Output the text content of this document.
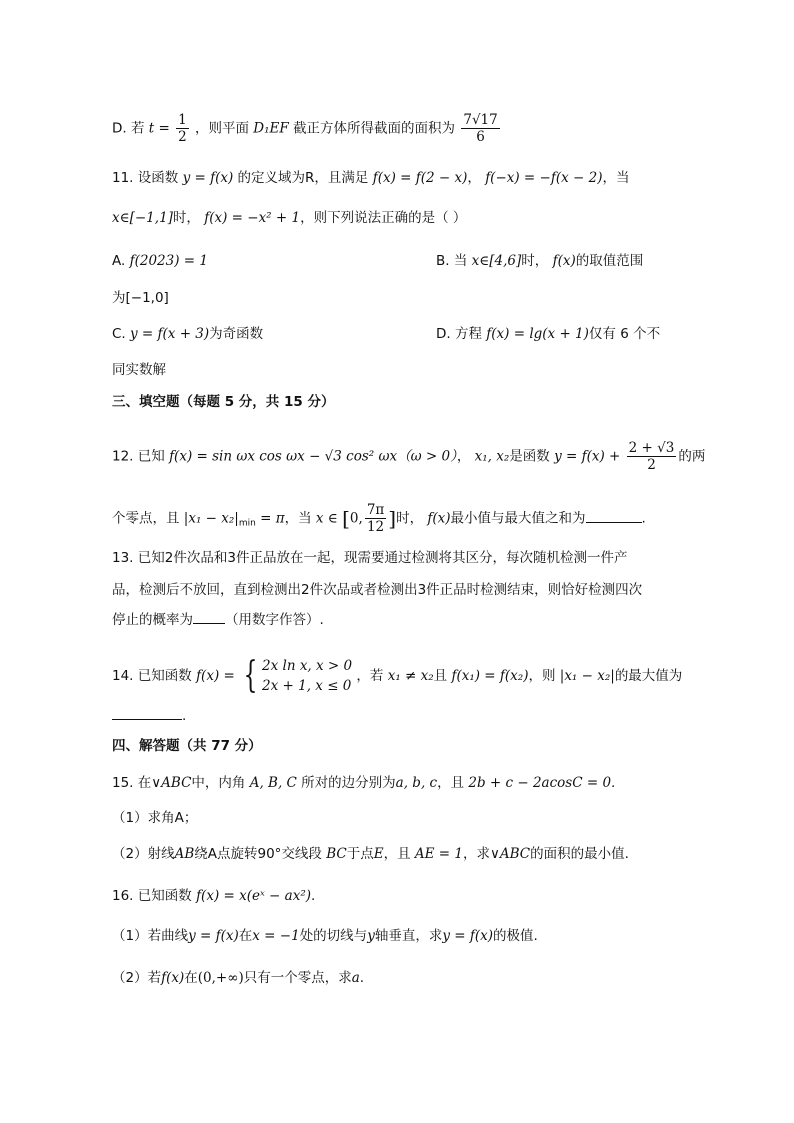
D. 若 $t = \frac{1}{2}$ ，则平面 D₁EF 截正方体所得截面的面积为 $\frac{7√17}{6}$
11. 设函数 y = f(x) 的定义域为R，且满足 f(x) = f(2 − x)， f(−x) = −f(x − 2)，当
x∈[−1,1]时， f(x) = −x² + 1，则下列说法正确的是（ ）
A. f(2023) = 1	B. 当 x∈[4,6]时， f(x)的取值范围
为[−1,0]
C. y = f(x + 3)为奇函数	D. 方程 f(x) = lg(x + 1)仅有 6 个不
同实数解
三、填空题（每题 5 分，共 15 分）
12. 已知 f(x) = sin ωx cos ωx − √3 cos² ωx（ω > 0）， x₁, x₂是函数 $y = f(x) + \frac{2 + √3}{2}$ 的两
个零点，且 $|x_1 - x_2|_{min} = \pi$，当 x ∈ [0, $\frac{7\pi}{12}$ ]时， f(x)最小值与最大值之和为	.
13. 已知2件次品和3件正品放在一起，现需要通过检测将其区分，每次随机检测一件产
品，检测后不放回，直到检测出2件次品或者检测出3件正品时检测结束，则恰好检测四次
停止的概率为 （用数字作答）.
14. 已知函数 f(x) = { 2x ln x, x > 0
2x + 1, x ≤ 0
，若 x₁ ≠ x₂且 f(x₁) = f(x₂)，则 |x₁ − x₂|的最大值为
.
四、解答题（共 77 分）
15. 在∨ABC中，内角 A, B, C 所对的边分别为a, b, c，且 2b + c − 2acosC = 0.
（1）求角A；
（2）射线AB绕A点旋转90°交线段 BC于点E，且 AE = 1，求∨ABC的面积的最小值.
16. 已知函数 f(x) = x(eˣ − ax²).
（1）若曲线y = f(x)在x = −1处的切线与y轴垂直，求y = f(x)的极值.
（2）若f(x)在(0,+∞)只有一个零点，求a.
